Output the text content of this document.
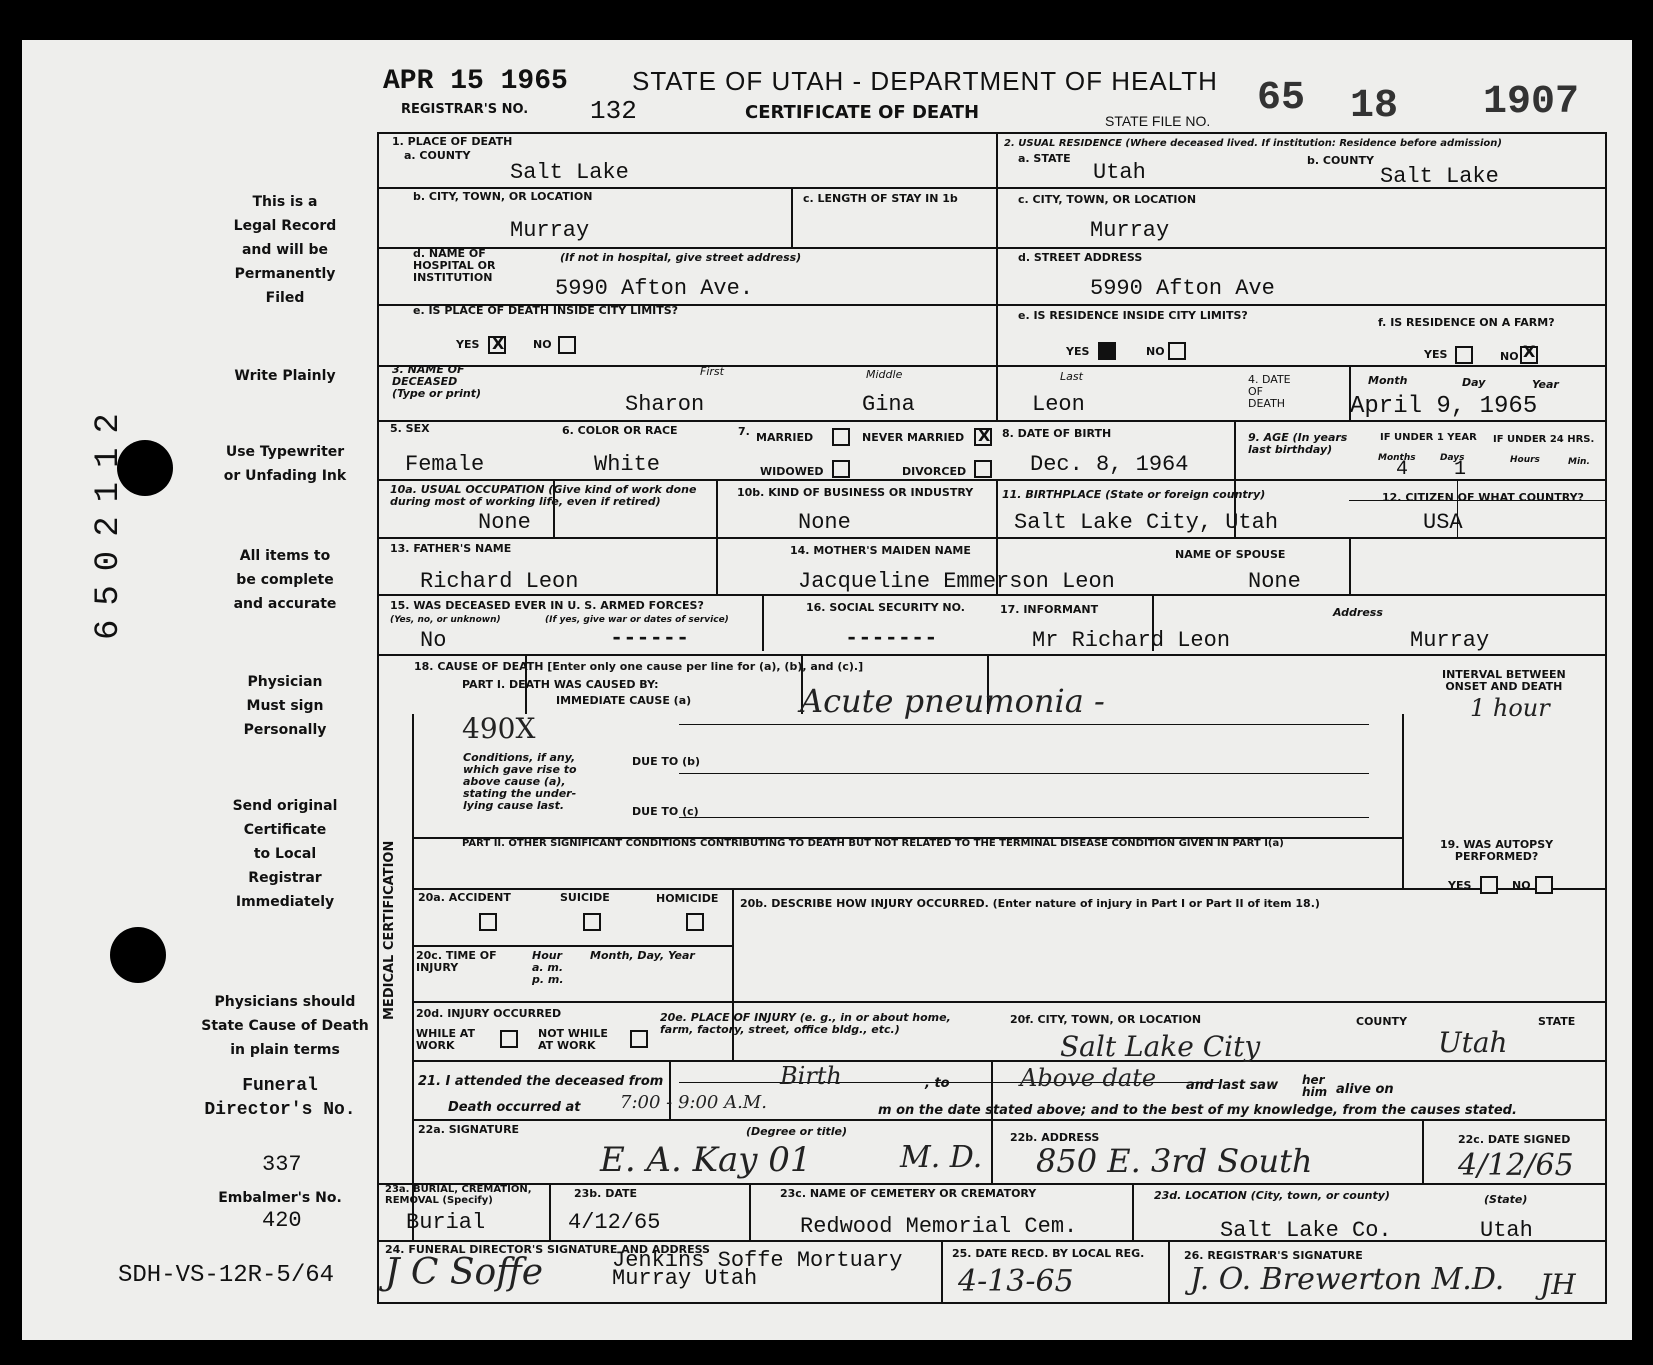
APR 15 1965 STATE OF UTAH - DEPARTMENT OF HEALTH
REGISTRAR'S NO. 132	CERTIFICATE OF DEATH	STATE FILE NO. 65 18 1907
This is a
Legal Record
and will be
Permanently
Filed
Write Plainly
Use Typewriter
or Unfading Ink
All items to
be complete
and accurate
Physician
Must sign
Personally
Send original
Certificate
to Local
Registrar
Immediately
Physicians should
State Cause of Death
in plain terms
Funeral
Director's No.
337
Embalmer's No.
420
SDH-VS-12R-5/64
6502112
1. PLACE OF DEATH
a. COUNTY
Salt Lake
2. USUAL RESIDENCE (Where deceased lived. If institution: Residence before admission)
a. STATE
Utah	b. COUNTY
Salt Lake
b. CITY, TOWN, OR LOCATION
Murray
c. LENGTH OF STAY IN 1b	c. CITY, TOWN, OR LOCATION
Murray
d. NAME OF
HOSPITAL OR
INSTITUTION
(If not in hospital, give street address)
5990 Afton Ave.
d. STREET ADDRESS
5990 Afton Ave
e. IS PLACE OF DEATH INSIDE CITY LIMITS?
YES X	NO
e. IS RESIDENCE INSIDE CITY LIMITS?
YES	NO
f. IS RESIDENCE ON A FARM?
YES	NO X
3. NAME OF
DECEASED
(Type or print)
First	Middle	Last
Sharon	Gina	Leon
4. DATE
OF
DEATH
Month	Day	Year
April 9, 1965
5. SEX
Female
6. COLOR OR RACE
White
7. MARRIED	NEVER MARRIED X
WIDOWED	DIVORCED
8. DATE OF BIRTH
Dec. 8, 1964
9. AGE (In years
last birthday)
IF UNDER 1 YEAR IF UNDER 24 HRS.
Months	Days	Hours	Min.
4 1
10a. USUAL OCCUPATION (Give kind of work done
during most of working life, even if retired)
None
10b. KIND OF BUSINESS OR INDUSTRY
None
11. BIRTHPLACE (State or foreign country)
Salt Lake City, Utah
12. CITIZEN OF WHAT COUNTRY?
USA
13. FATHER'S NAME
Richard Leon
14. MOTHER'S MAIDEN NAME
Jacqueline Emmerson Leon
NAME OF SPOUSE
None
15. WAS DECEASED EVER IN U. S. ARMED FORCES?
(Yes, no, or unknown)	(If yes, give war or dates of service)
No	------
16. SOCIAL SECURITY NO.
-------
17. INFORMANT	Address
Mr Richard Leon	Murray
18. CAUSE OF DEATH [Enter only one cause per line for (a), (b), and (c).]
PART I. DEATH WAS CAUSED BY:
IMMEDIATE CAUSE (a)	Acute pneumonia -
490X
INTERVAL BETWEEN
ONSET AND DEATH
1 hour
Conditions, if any,
which gave rise to
above cause (a),
stating the under-
lying cause last.
DUE TO (b)
DUE TO (c)
PART II. OTHER SIGNIFICANT CONDITIONS CONTRIBUTING TO DEATH BUT NOT RELATED TO THE TERMINAL DISEASE CONDITION GIVEN IN PART I(a)	19. WAS AUTOPSY
PERFORMED?
YES	NO
MEDICAL CERTIFICATION 20a. ACCIDENT	SUICIDE	HOMICIDE 20b. DESCRIBE HOW INJURY OCCURRED. (Enter nature of injury in Part I or Part II of item 18.)
20c. TIME OF
INJURY
Hour
a. m.
p. m.
Month, Day, Year
20d. INJURY OCCURRED
WHILE AT
WORK
NOT WHILE
AT WORK
20e. PLACE OF INJURY (e. g., in or about home,
farm, factory, street, office bldg., etc.)
20f. CITY, TOWN, OR LOCATION	COUNTY	STATE
Salt Lake City	Utah
21. I attended the deceased from	Birth	, to	Above date and last saw her
him alive on
Death occurred at 7:00 - 9:00 A.M.	m on the date stated above; and to the best of my knowledge, from the causes stated.
22a. SIGNATURE	(Degree or title)
E. A. Kay 01	M. D.
22b. ADDRESS
850 E. 3rd South
22c. DATE SIGNED
4/12/65
23a. BURIAL, CREMATION,
REMOVAL (Specify)
Burial
23b. DATE
4/12/65
23c. NAME OF CEMETERY OR CREMATORY
Redwood Memorial Cem.
23d. LOCATION (City, town, or county)	(State)
Salt Lake Co.	Utah
24. FUNERAL DIRECTOR'S SIGNATURE AND ADDRESS
J C Soffe	Jenkins Soffe Mortuary
Murray Utah
25. DATE RECD. BY LOCAL REG.
4-13-65
26. REGISTRAR'S SIGNATURE
J. O. Brewerton M.D. JH
